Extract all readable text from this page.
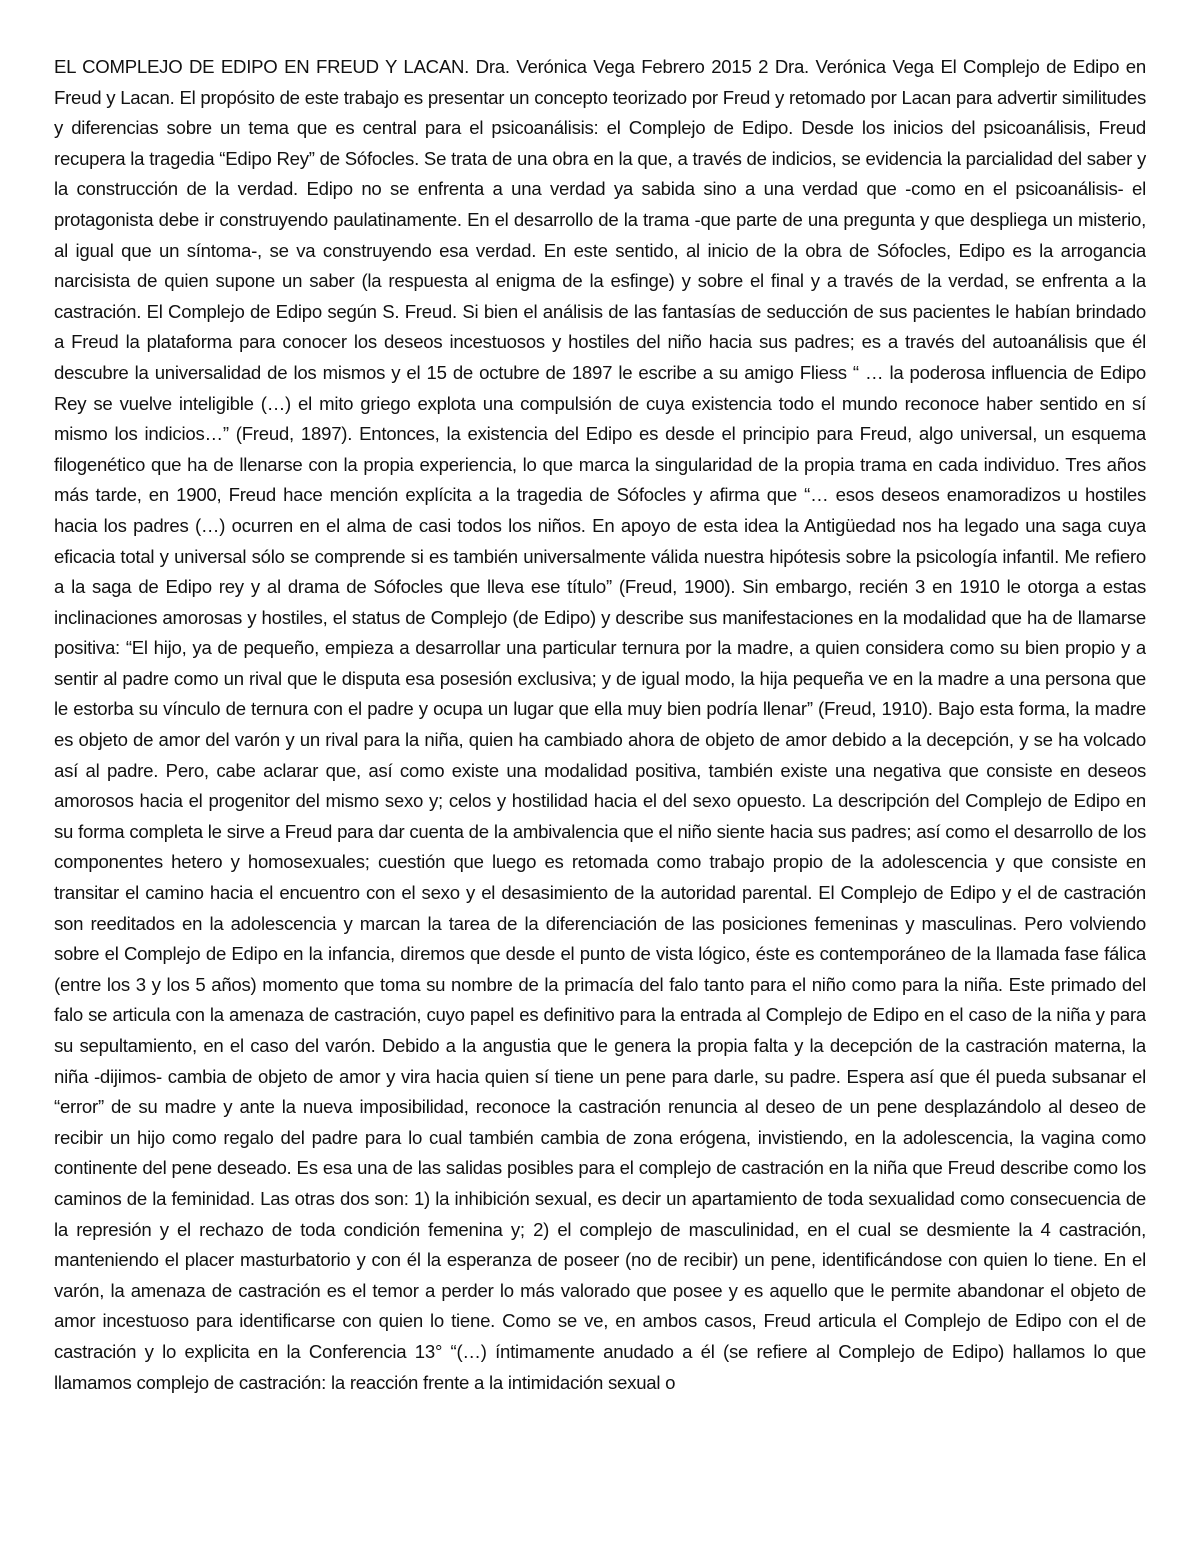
EL COMPLEJO DE EDIPO EN FREUD Y LACAN. Dra. Verónica Vega Febrero 2015 2 Dra. Verónica Vega El Complejo de Edipo en Freud y Lacan. El propósito de este trabajo es presentar un concepto teorizado por Freud y retomado por Lacan para advertir similitudes y diferencias sobre un tema que es central para el psicoanálisis: el Complejo de Edipo. Desde los inicios del psicoanálisis, Freud recupera la tragedia “Edipo Rey” de Sófocles. Se trata de una obra en la que, a través de indicios, se evidencia la parcialidad del saber y la construcción de la verdad. Edipo no se enfrenta a una verdad ya sabida sino a una verdad que -como en el psicoanálisis- el protagonista debe ir construyendo paulatinamente. En el desarrollo de la trama -que parte de una pregunta y que despliega un misterio, al igual que un síntoma-, se va construyendo esa verdad. En este sentido, al inicio de la obra de Sófocles, Edipo es la arrogancia narcisista de quien supone un saber (la respuesta al enigma de la esfinge) y sobre el final y a través de la verdad, se enfrenta a la castración. El Complejo de Edipo según S. Freud. Si bien el análisis de las fantasías de seducción de sus pacientes le habían brindado a Freud la plataforma para conocer los deseos incestuosos y hostiles del niño hacia sus padres; es a través del autoanálisis que él descubre la universalidad de los mismos y el 15 de octubre de 1897 le escribe a su amigo Fliess “ … la poderosa influencia de Edipo Rey se vuelve inteligible (…) el mito griego explota una compulsión de cuya existencia todo el mundo reconoce haber sentido en sí mismo los indicios…” (Freud, 1897). Entonces, la existencia del Edipo es desde el principio para Freud, algo universal, un esquema filogenético que ha de llenarse con la propia experiencia, lo que marca la singularidad de la propia trama en cada individuo. Tres años más tarde, en 1900, Freud hace mención explícita a la tragedia de Sófocles y afirma que “… esos deseos enamoradizos u hostiles hacia los padres (…) ocurren en el alma de casi todos los niños. En apoyo de esta idea la Antigüedad nos ha legado una saga cuya eficacia total y universal sólo se comprende si es también universalmente válida nuestra hipótesis sobre la psicología infantil. Me refiero a la saga de Edipo rey y al drama de Sófocles que lleva ese título” (Freud, 1900). Sin embargo, recién 3 en 1910 le otorga a estas inclinaciones amorosas y hostiles, el status de Complejo (de Edipo) y describe sus manifestaciones en la modalidad que ha de llamarse positiva: “El hijo, ya de pequeño, empieza a desarrollar una particular ternura por la madre, a quien considera como su bien propio y a sentir al padre como un rival que le disputa esa posesión exclusiva; y de igual modo, la hija pequeña ve en la madre a una persona que le estorba su vínculo de ternura con el padre y ocupa un lugar que ella muy bien podría llenar” (Freud, 1910). Bajo esta forma, la madre es objeto de amor del varón y un rival para la niña, quien ha cambiado ahora de objeto de amor debido a la decepción, y se ha volcado así al padre. Pero, cabe aclarar que, así como existe una modalidad positiva, también existe una negativa que consiste en deseos amorosos hacia el progenitor del mismo sexo y; celos y hostilidad hacia el del sexo opuesto. La descripción del Complejo de Edipo en su forma completa le sirve a Freud para dar cuenta de la ambivalencia que el niño siente hacia sus padres; así como el desarrollo de los componentes hetero y homosexuales; cuestión que luego es retomada como trabajo propio de la adolescencia y que consiste en transitar el camino hacia el encuentro con el sexo y el desasimiento de la autoridad parental. El Complejo de Edipo y el de castración son reeditados en la adolescencia y marcan la tarea de la diferenciación de las posiciones femeninas y masculinas. Pero volviendo sobre el Complejo de Edipo en la infancia, diremos que desde el punto de vista lógico, éste es contemporáneo de la llamada fase fálica (entre los 3 y los 5 años) momento que toma su nombre de la primacía del falo tanto para el niño como para la niña. Este primado del falo se articula con la amenaza de castración, cuyo papel es definitivo para la entrada al Complejo de Edipo en el caso de la niña y para su sepultamiento, en el caso del varón. Debido a la angustia que le genera la propia falta y la decepción de la castración materna, la niña -dijimos- cambia de objeto de amor y vira hacia quien sí tiene un pene para darle, su padre. Espera así que él pueda subsanar el “error” de su madre y ante la nueva imposibilidad, reconoce la castración renuncia al deseo de un pene desplazándolo al deseo de recibir un hijo como regalo del padre para lo cual también cambia de zona erógena, invistiendo, en la adolescencia, la vagina como continente del pene deseado. Es esa una de las salidas posibles para el complejo de castración en la niña que Freud describe como los caminos de la feminidad. Las otras dos son: 1) la inhibición sexual, es decir un apartamiento de toda sexualidad como consecuencia de la represión y el rechazo de toda condición femenina y; 2) el complejo de masculinidad, en el cual se desmiente la 4 castración, manteniendo el placer masturbatorio y con él la esperanza de poseer (no de recibir) un pene, identificándose con quien lo tiene. En el varón, la amenaza de castración es el temor a perder lo más valorado que posee y es aquello que le permite abandonar el objeto de amor incestuoso para identificarse con quien lo tiene. Como se ve, en ambos casos, Freud articula el Complejo de Edipo con el de castración y lo explicita en la Conferencia 13° “(…) íntimamente anudado a él (se refiere al Complejo de Edipo) hallamos lo que llamamos complejo de castración: la reacción frente a la intimidación sexual o
